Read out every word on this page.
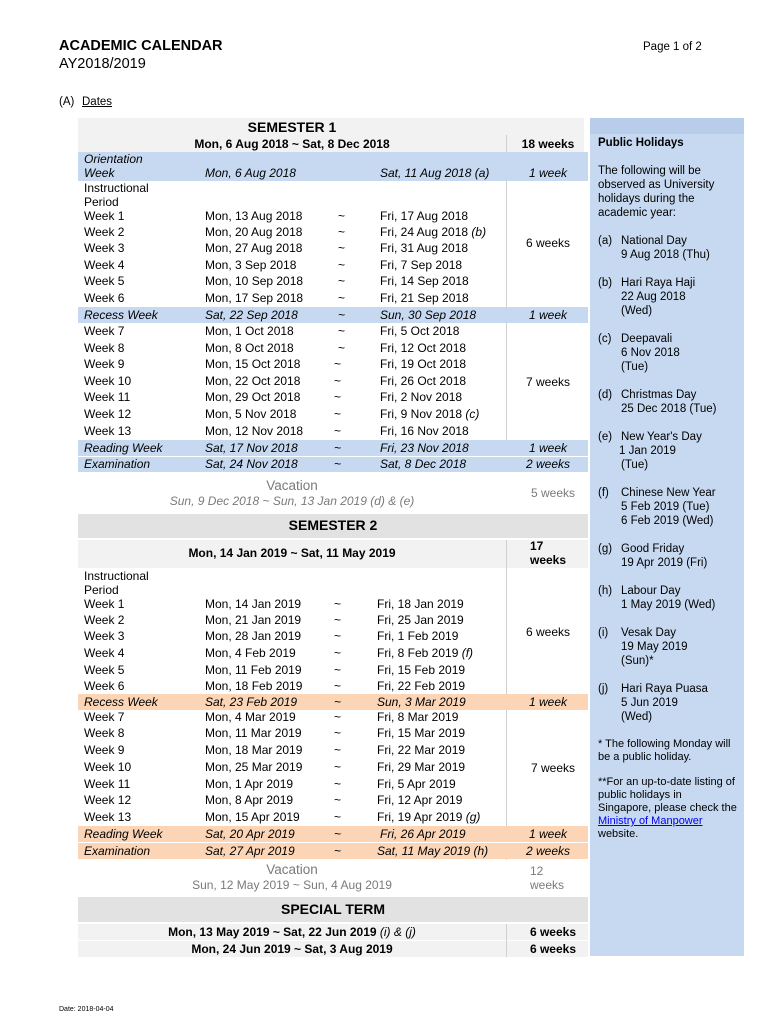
ACADEMIC CALENDAR
AY2018/2019
Page 1 of 2
(A) Dates
SEMESTER 1
Mon, 6 Aug 2018 ~ Sat, 8 Dec 2018	18 weeks
Orientation
Week	Mon, 6 Aug 2018	Sat, 11 Aug 2018 (a)	1 week
Instructional
Period
Week 1	Mon, 13 Aug 2018	~	Fri, 17 Aug 2018
Week 2	Mon, 20 Aug 2018	~	Fri, 24 Aug 2018 (b)
Week 3	Mon, 27 Aug 2018	~	Fri, 31 Aug 2018
Week 4	Mon, 3 Sep 2018	~	Fri, 7 Sep 2018
Week 5	Mon, 10 Sep 2018	~	Fri, 14 Sep 2018
Week 6	Mon, 17 Sep 2018	~	Fri, 21 Sep 2018
6 weeks
Recess Week	Sat, 22 Sep 2018	~	Sun, 30 Sep 2018	1 week
Week 7	Mon, 1 Oct 2018	~	Fri, 5 Oct 2018
Week 8	Mon, 8 Oct 2018	~	Fri, 12 Oct 2018
Week 9	Mon, 15 Oct 2018	~	Fri, 19 Oct 2018
Week 10	Mon, 22 Oct 2018	~	Fri, 26 Oct 2018
Week 11	Mon, 29 Oct 2018	~	Fri, 2 Nov 2018
Week 12	Mon, 5 Nov 2018	~	Fri, 9 Nov 2018 (c)
Week 13	Mon, 12 Nov 2018	~	Fri, 16 Nov 2018
7 weeks
Reading Week	Sat, 17 Nov 2018	~	Fri, 23 Nov 2018	1 week
Examination	Sat, 24 Nov 2018	~	Sat, 8 Dec 2018	2 weeks
Vacation
Sun, 9 Dec 2018 ~ Sun, 13 Jan 2019 (d) & (e)
5 weeks
SEMESTER 2
Mon, 14 Jan 2019 ~ Sat, 11 May 2019	17
weeks
Instructional
Period
Week 1	Mon, 14 Jan 2019	~	Fri, 18 Jan 2019
Week 2	Mon, 21 Jan 2019	~	Fri, 25 Jan 2019
Week 3	Mon, 28 Jan 2019	~	Fri, 1 Feb 2019
Week 4	Mon, 4 Feb 2019	~	Fri, 8 Feb 2019 (f)
Week 5	Mon, 11 Feb 2019	~	Fri, 15 Feb 2019
Week 6	Mon, 18 Feb 2019	~	Fri, 22 Feb 2019
6 weeks
Recess Week	Sat, 23 Feb 2019	~	Sun, 3 Mar 2019	1 week
Week 7	Mon, 4 Mar 2019	~	Fri, 8 Mar 2019
Week 8	Mon, 11 Mar 2019	~	Fri, 15 Mar 2019
Week 9	Mon, 18 Mar 2019	~	Fri, 22 Mar 2019
Week 10	Mon, 25 Mar 2019	~	Fri, 29 Mar 2019
Week 11	Mon, 1 Apr 2019	~	Fri, 5 Apr 2019
Week 12	Mon, 8 Apr 2019	~	Fri, 12 Apr 2019
Week 13	Mon, 15 Apr 2019	~	Fri, 19 Apr 2019 (g)
7 weeks
Reading Week	Sat, 20 Apr 2019	~	Fri, 26 Apr 2019	1 week
Examination	Sat, 27 Apr 2019	~	Sat, 11 May 2019 (h)	2 weeks
Vacation
Sun, 12 May 2019 ~ Sun, 4 Aug 2019
12
weeks
SPECIAL TERM
Mon, 13 May 2019 ~ Sat, 22 Jun 2019 (i) & (j)	6 weeks
Mon, 24 Jun 2019 ~ Sat, 3 Aug 2019	6 weeks
Public Holidays
The following will be observed as University holidays during the academic year:
(a) National Day
9 Aug 2018 (Thu)
(b) Hari Raya Haji
22 Aug 2018
(Wed)
(c) Deepavali
6 Nov 2018
(Tue)
(d) Christmas Day
25 Dec 2018 (Tue)
(e) New Year's Day
1 Jan 2019
(Tue)
(f) Chinese New Year
5 Feb 2019 (Tue)
6 Feb 2019 (Wed)
(g) Good Friday
19 Apr 2019 (Fri)
(h) Labour Day
1 May 2019 (Wed)
(i) Vesak Day
19 May 2019
(Sun)*
(j) Hari Raya Puasa
5 Jun 2019
(Wed)
* The following Monday will be a public holiday.
**For an up-to-date listing of public holidays in Singapore, please check the Ministry of Manpower website.
Date: 2018-04-04
